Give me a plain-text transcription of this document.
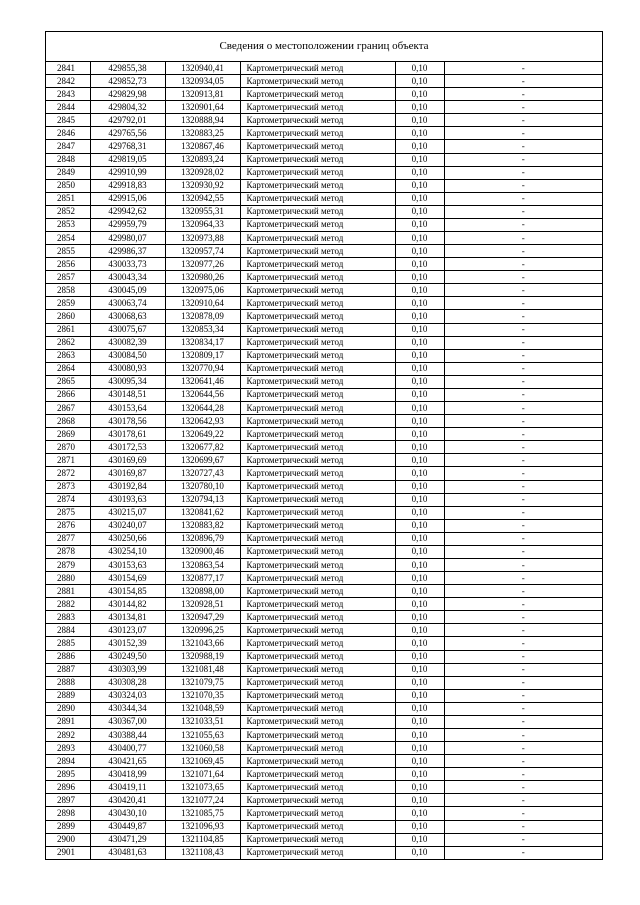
Сведения о местоположении границ объекта
2841	429855,38	1320940,41	Картометрический метод	0,10	-
2842	429852,73	1320934,05	Картометрический метод	0,10	-
2843	429829,98	1320913,81	Картометрический метод	0,10	-
2844	429804,32	1320901,64	Картометрический метод	0,10	-
2845	429792,01	1320888,94	Картометрический метод	0,10	-
2846	429765,56	1320883,25	Картометрический метод	0,10	-
2847	429768,31	1320867,46	Картометрический метод	0,10	-
2848	429819,05	1320893,24	Картометрический метод	0,10	-
2849	429910,99	1320928,02	Картометрический метод	0,10	-
2850	429918,83	1320930,92	Картометрический метод	0,10	-
2851	429915,06	1320942,55	Картометрический метод	0,10	-
2852	429942,62	1320955,31	Картометрический метод	0,10	-
2853	429959,79	1320964,33	Картометрический метод	0,10	-
2854	429980,07	1320973,88	Картометрический метод	0,10	-
2855	429986,37	1320957,74	Картометрический метод	0,10	-
2856	430033,73	1320977,26	Картометрический метод	0,10	-
2857	430043,34	1320980,26	Картометрический метод	0,10	-
2858	430045,09	1320975,06	Картометрический метод	0,10	-
2859	430063,74	1320910,64	Картометрический метод	0,10	-
2860	430068,63	1320878,09	Картометрический метод	0,10	-
2861	430075,67	1320853,34	Картометрический метод	0,10	-
2862	430082,39	1320834,17	Картометрический метод	0,10	-
2863	430084,50	1320809,17	Картометрический метод	0,10	-
2864	430080,93	1320770,94	Картометрический метод	0,10	-
2865	430095,34	1320641,46	Картометрический метод	0,10	-
2866	430148,51	1320644,56	Картометрический метод	0,10	-
2867	430153,64	1320644,28	Картометрический метод	0,10	-
2868	430178,56	1320642,93	Картометрический метод	0,10	-
2869	430178,61	1320649,22	Картометрический метод	0,10	-
2870	430172,53	1320677,82	Картометрический метод	0,10	-
2871	430169,69	1320699,67	Картометрический метод	0,10	-
2872	430169,87	1320727,43	Картометрический метод	0,10	-
2873	430192,84	1320780,10	Картометрический метод	0,10	-
2874	430193,63	1320794,13	Картометрический метод	0,10	-
2875	430215,07	1320841,62	Картометрический метод	0,10	-
2876	430240,07	1320883,82	Картометрический метод	0,10	-
2877	430250,66	1320896,79	Картометрический метод	0,10	-
2878	430254,10	1320900,46	Картометрический метод	0,10	-
2879	430153,63	1320863,54	Картометрический метод	0,10	-
2880	430154,69	1320877,17	Картометрический метод	0,10	-
2881	430154,85	1320898,00	Картометрический метод	0,10	-
2882	430144,82	1320928,51	Картометрический метод	0,10	-
2883	430134,81	1320947,29	Картометрический метод	0,10	-
2884	430123,07	1320996,25	Картометрический метод	0,10	-
2885	430152,39	1321043,66	Картометрический метод	0,10	-
2886	430249,50	1320988,19	Картометрический метод	0,10	-
2887	430303,99	1321081,48	Картометрический метод	0,10	-
2888	430308,28	1321079,75	Картометрический метод	0,10	-
2889	430324,03	1321070,35	Картометрический метод	0,10	-
2890	430344,34	1321048,59	Картометрический метод	0,10	-
2891	430367,00	1321033,51	Картометрический метод	0,10	-
2892	430388,44	1321055,63	Картометрический метод	0,10	-
2893	430400,77	1321060,58	Картометрический метод	0,10	-
2894	430421,65	1321069,45	Картометрический метод	0,10	-
2895	430418,99	1321071,64	Картометрический метод	0,10	-
2896	430419,11	1321073,65	Картометрический метод	0,10	-
2897	430420,41	1321077,24	Картометрический метод	0,10	-
2898	430430,10	1321085,75	Картометрический метод	0,10	-
2899	430449,87	1321096,93	Картометрический метод	0,10	-
2900	430471,29	1321104,85	Картометрический метод	0,10	-
2901	430481,63	1321108,43	Картометрический метод	0,10	-
